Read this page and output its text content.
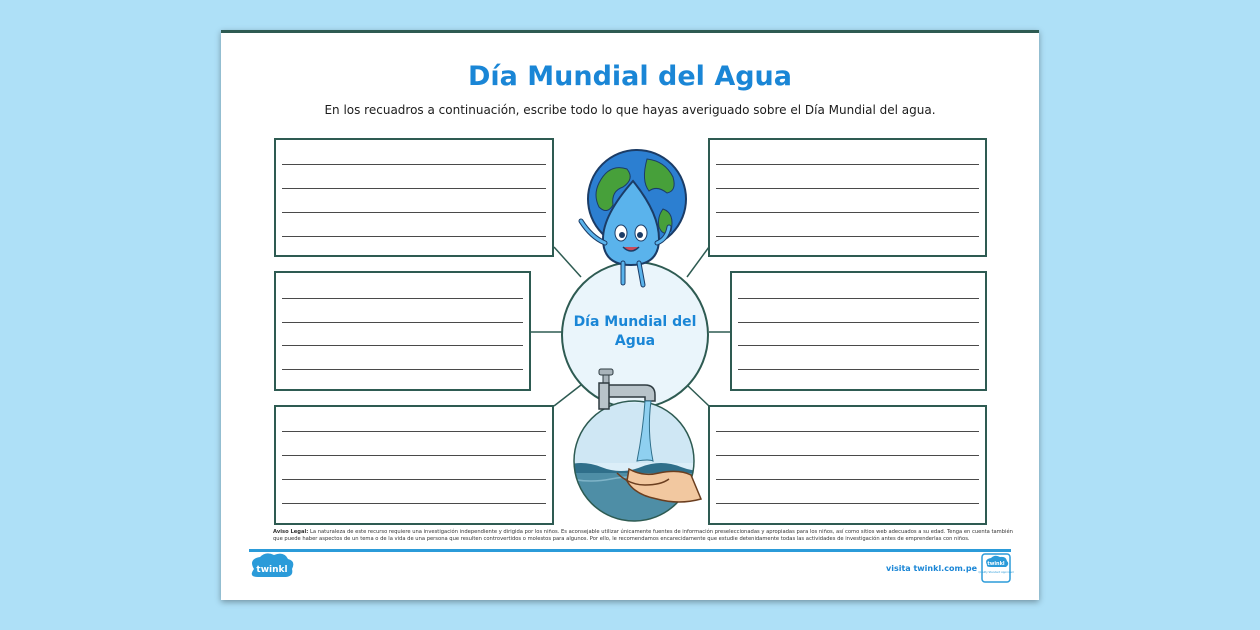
Día Mundial del Agua

En los recuadros a continuación, escribe todo lo que hayas averiguado sobre el Día Mundial del agua.

Día Mundial del Agua
Aviso Legal: La naturaleza de este recurso requiere una investigación independiente y dirigida por los niños. Es aconsejable utilizar únicamente fuentes de información preseleccionadas y apropiadas para los niños, así como sitios web adecuados a su edad. Tenga en cuenta también que puede haber aspectos de un tema o de la vida de una persona que resulten controvertidos o molestos para algunos. Por ello, le recomendamos encarecidamente que estudie detenidamente todas las actividades de investigación antes de emprenderlas con niños.
twinkl	visita twinkl.com.pe twinkl
Quality Standard Approved
